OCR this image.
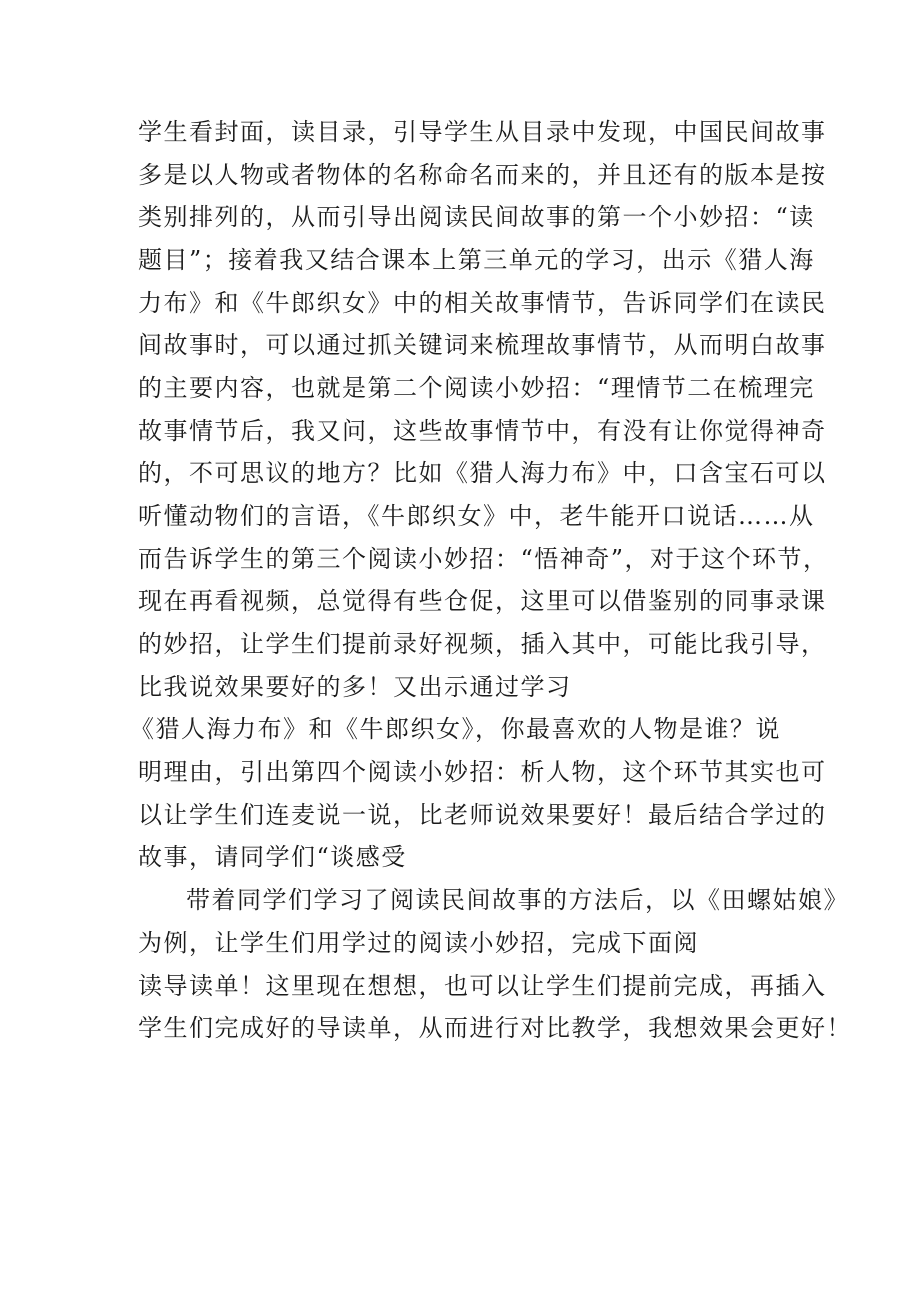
学生看封面，读目录，引导学生从目录中发现，中国民间故事
多是以人物或者物体的名称命名而来的，并且还有的版本是按
类别排列的，从而引导出阅读民间故事的第一个小妙招：“读
题目”；接着我又结合课本上第三单元的学习，出示《猎人海
力布》和《牛郎织女》中的相关故事情节，告诉同学们在读民
间故事时，可以通过抓关键词来梳理故事情节，从而明白故事
的主要内容，也就是第二个阅读小妙招：“理情节二在梳理完
故事情节后，我又问，这些故事情节中，有没有让你觉得神奇
的，不可思议的地方？比如《猎人海力布》中，口含宝石可以
听懂动物们的言语，《牛郎织女》中，老牛能开口说话……从
而告诉学生的第三个阅读小妙招：“悟神奇”，对于这个环节，
现在再看视频，总觉得有些仓促，这里可以借鉴别的同事录课
的妙招，让学生们提前录好视频，插入其中，可能比我引导，
比我说效果要好的多！又出示通过学习
《猎人海力布》和《牛郎织女》，你最喜欢的人物是谁？说
明理由，引出第四个阅读小妙招：析人物，这个环节其实也可
以让学生们连麦说一说，比老师说效果要好！最后结合学过的
故事，请同学们“谈感受
带着同学们学习了阅读民间故事的方法后，以《田螺姑娘》
为例，让学生们用学过的阅读小妙招，完成下面阅
读导读单！这里现在想想，也可以让学生们提前完成，再插入
学生们完成好的导读单，从而进行对比教学，我想效果会更好！
